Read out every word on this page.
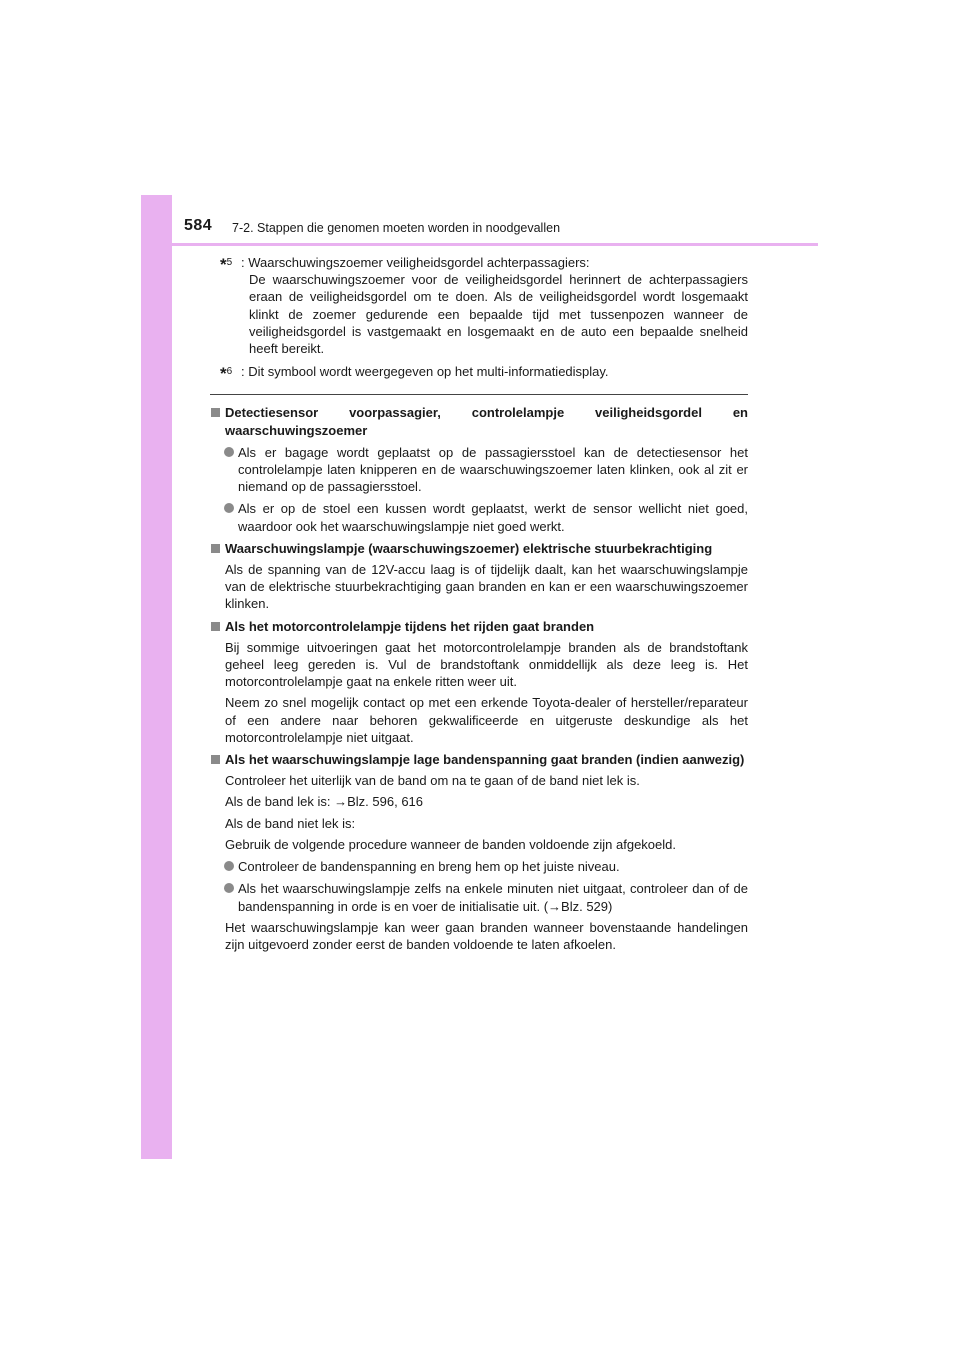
584 7-2. Stappen die genomen moeten worden in noodgevallen
*$^5$ : Waarschuwingszoemer veiligheidsgordel achterpassagiers:
De waarschuwingszoemer voor de veiligheidsgordel herinnert de achterpassagiers eraan de veiligheidsgordel om te doen. Als de veiligheidsgordel wordt losgemaakt klinkt de zoemer gedurende een bepaalde tijd met tussenpozen wanneer de veiligheidsgordel is vastgemaakt en losgemaakt en de auto een bepaalde snelheid heeft bereikt.
*$^6$ : Dit symbool wordt weergegeven op het multi-informatiedisplay.
Detectiesensor voorpassagier, controlelampje veiligheidsgordel en waarschuwingszoemer
Als er bagage wordt geplaatst op de passagiersstoel kan de detectiesensor het controlelampje laten knipperen en de waarschuwingszoemer laten klinken, ook al zit er niemand op de passagiersstoel.
Als er op de stoel een kussen wordt geplaatst, werkt de sensor wellicht niet goed, waardoor ook het waarschuwingslampje niet goed werkt.
Waarschuwingslampje (waarschuwingszoemer) elektrische stuurbekrachtiging
Als de spanning van de 12V-accu laag is of tijdelijk daalt, kan het waarschuwingslampje van de elektrische stuurbekrachtiging gaan branden en kan er een waarschuwingszoemer klinken.
Als het motorcontrolelampje tijdens het rijden gaat branden
Bij sommige uitvoeringen gaat het motorcontrolelampje branden als de brandstoftank geheel leeg gereden is. Vul de brandstoftank onmiddellijk als deze leeg is. Het motorcontrolelampje gaat na enkele ritten weer uit.
Neem zo snel mogelijk contact op met een erkende Toyota-dealer of hersteller/reparateur of een andere naar behoren gekwalificeerde en uitgeruste deskundige als het motorcontrolelampje niet uitgaat.
Als het waarschuwingslampje lage bandenspanning gaat branden (indien aanwezig)
Controleer het uiterlijk van de band om na te gaan of de band niet lek is.
Als de band lek is: →Blz. 596, 616
Als de band niet lek is:
Gebruik de volgende procedure wanneer de banden voldoende zijn afgekoeld.
Controleer de bandenspanning en breng hem op het juiste niveau.
Als het waarschuwingslampje zelfs na enkele minuten niet uitgaat, controleer dan of de bandenspanning in orde is en voer de initialisatie uit. (→Blz. 529)
Het waarschuwingslampje kan weer gaan branden wanneer bovenstaande handelingen zijn uitgevoerd zonder eerst de banden voldoende te laten afkoelen.
